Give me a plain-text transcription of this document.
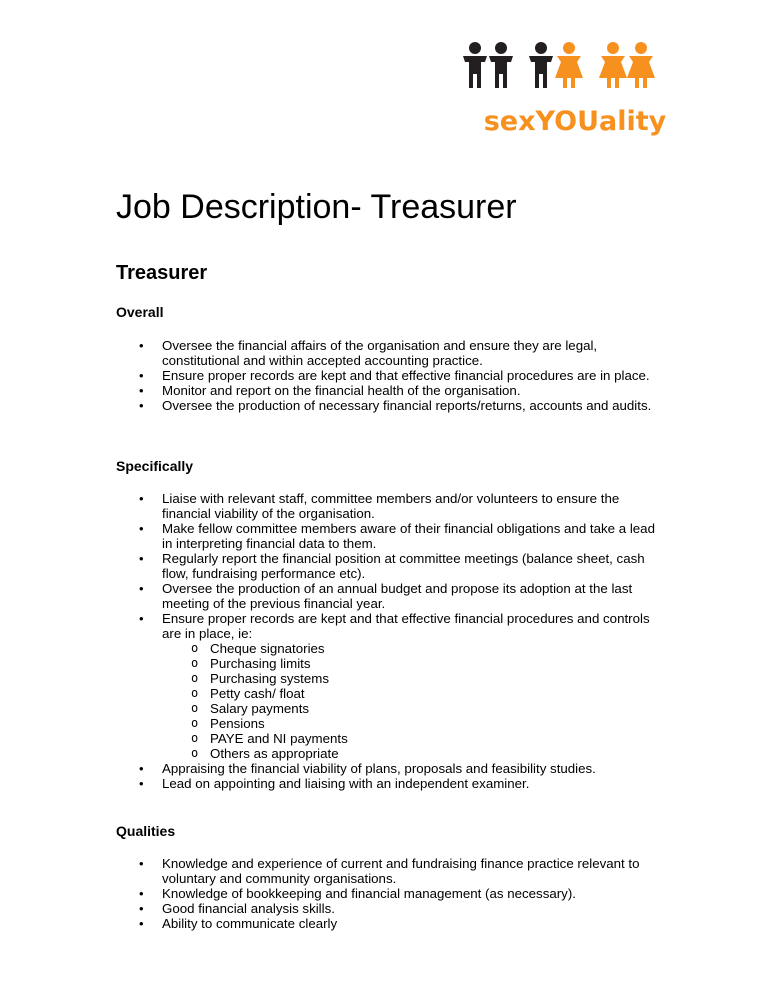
sexYOUality
Job Description- Treasurer
Treasurer
Overall
• Oversee the financial affairs of the organisation and ensure they are legal, constitutional and within accepted accounting practice.
• Ensure proper records are kept and that effective financial procedures are in place.
• Monitor and report on the financial health of the organisation.
• Oversee the production of necessary financial reports/returns, accounts and audits.
Specifically
• Liaise with relevant staff, committee members and/or volunteers to ensure the financial viability of the organisation.
• Make fellow committee members aware of their financial obligations and take a lead in interpreting financial data to them.
• Regularly report the financial position at committee meetings (balance sheet, cash flow, fundraising performance etc).
• Oversee the production of an annual budget and propose its adoption at the last meeting of the previous financial year.
• Ensure proper records are kept and that effective financial procedures and controls are in place, ie:
o Cheque signatories
o Purchasing limits
o Purchasing systems
o Petty cash/ float
o Salary payments
o Pensions
o PAYE and NI payments
o Others as appropriate
• Appraising the financial viability of plans, proposals and feasibility studies.
• Lead on appointing and liaising with an independent examiner.
Qualities
• Knowledge and experience of current and fundraising finance practice relevant to voluntary and community organisations.
• Knowledge of bookkeeping and financial management (as necessary).
• Good financial analysis skills.
• Ability to communicate clearly
